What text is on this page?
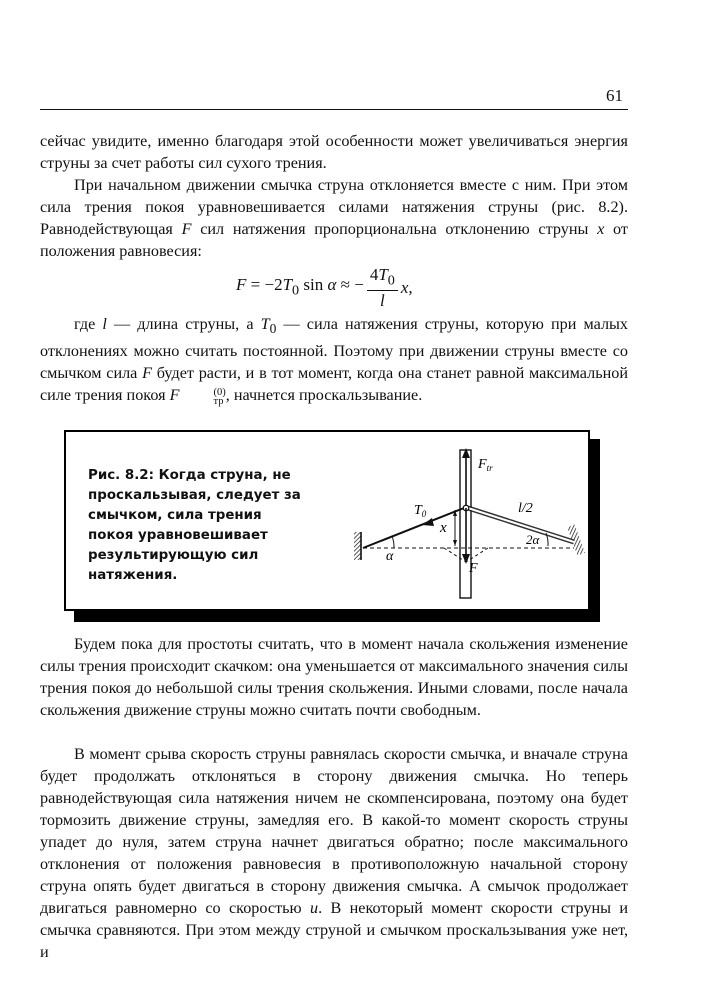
61
сейчас увидите, именно благодаря этой особенности может увеличиваться энергия струны за счет работы сил сухого трения.
При начальном движении смычка струна отклоняется вместе с ним. При этом сила трения покоя уравновешивается силами натяжения струны (рис. 8.2). Равнодействующая F сил натяжения пропорциональна отклонению струны x от положения равновесия:
$F = -2T_0$ sin α ≈ − $\frac{4T_0}{l} x$,
где l — длина струны, а $T_0$ — сила натяжения струны, которую при малых отклонениях можно считать постоянной. Поэтому при движении струны вместе со смычком сила F будет расти, и в тот момент, когда она станет равной максимальной силе трения покоя F	(0)
тр , начнется проскальзывание.
Рис. 8.2: Когда струна, не проскальзывая, следует за смычком, сила трения покоя уравновешивает результирующую сил натяжения.
$F_{tr}$
$T_0$
x
F
α
2α
l/2
Будем пока для простоты считать, что в момент начала скольжения изменение силы трения происходит скачком: она уменьшается от максимального значения силы трения покоя до небольшой силы трения скольжения. Иными словами, после начала скольжения движение струны можно считать почти свободным.
В момент срыва скорость струны равнялась скорости смычка, и вначале струна будет продолжать отклоняться в сторону движения смычка. Но теперь равнодействующая сила натяжения ничем не скомпенсирована, поэтому она будет тормозить движение струны, замедляя его. В какой-то момент скорость струны упадет до нуля, затем струна начнет двигаться обратно; после максимального отклонения от положения равновесия в противоположную начальной сторону струна опять будет двигаться в сторону движения смычка. А смычок продолжает двигаться равномерно со скоростью u. В некоторый момент скорости струны и смычка сравняются. При этом между струной и смычком проскальзывания уже нет, и
